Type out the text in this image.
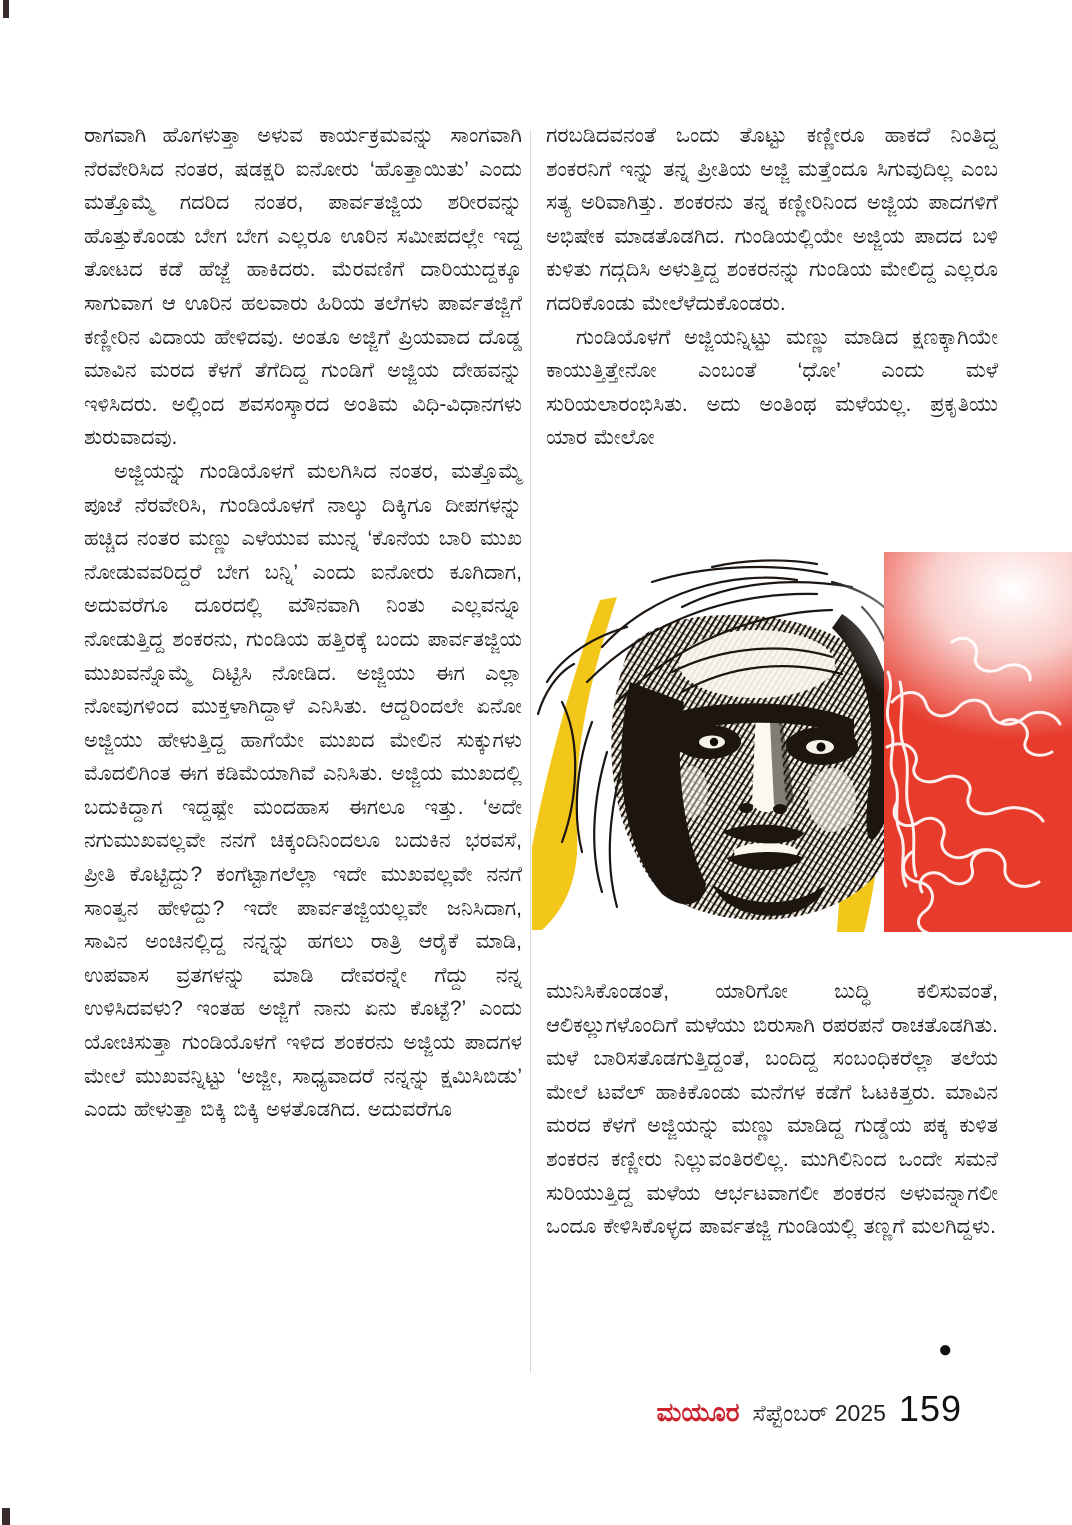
ರಾಗವಾಗಿ ಹೊಗಳುತ್ತಾ ಅಳುವ ಕಾರ್ಯಕ್ರಮವನ್ನು ಸಾಂಗವಾಗಿ ನೆರವೇರಿಸಿದ ನಂತರ, ಷಡಕ್ಷರಿ ಐನೋರು ‘ಹೊತ್ತಾಯಿತು’ ಎಂದು ಮತ್ತೊಮ್ಮೆ ಗದರಿದ ನಂತರ, ಪಾರ್ವತಜ್ಜಿಯ ಶರೀರವನ್ನು ಹೊತ್ತುಕೊಂಡು ಬೇಗ ಬೇಗ ಎಲ್ಲರೂ ಊರಿನ ಸಮೀಪದಲ್ಲೇ ಇದ್ದ ತೋಟದ ಕಡೆ ಹೆಜ್ಜೆ ಹಾಕಿದರು. ಮೆರವಣಿಗೆ ದಾರಿಯುದ್ದಕ್ಕೂ ಸಾಗುವಾಗ ಆ ಊರಿನ ಹಲವಾರು ಹಿರಿಯ ತಲೆಗಳು ಪಾರ್ವತಜ್ಜಿಗೆ ಕಣ್ಣೀರಿನ ವಿದಾಯ ಹೇಳಿದವು. ಅಂತೂ ಅಜ್ಜಿಗೆ ಪ್ರಿಯವಾದ ದೊಡ್ಡ ಮಾವಿನ ಮರದ ಕೆಳಗೆ ತೆಗೆದಿದ್ದ ಗುಂಡಿಗೆ ಅಜ್ಜಿಯ ದೇಹವನ್ನು ಇಳಿಸಿದರು. ಅಲ್ಲಿಂದ ಶವಸಂಸ್ಕಾರದ ಅಂತಿಮ ವಿಧಿ-ವಿಧಾನಗಳು ಶುರುವಾದವು.

ಅಜ್ಜಿಯನ್ನು ಗುಂಡಿಯೊಳಗೆ ಮಲಗಿಸಿದ ನಂತರ, ಮತ್ತೊಮ್ಮೆ ಪೂಜೆ ನೆರವೇರಿಸಿ, ಗುಂಡಿಯೊಳಗೆ ನಾಲ್ಕು ದಿಕ್ಕಿಗೂ ದೀಪಗಳನ್ನು ಹಚ್ಚಿದ ನಂತರ ಮಣ್ಣು ಎಳೆಯುವ ಮುನ್ನ ‘ಕೊನೆಯ ಬಾರಿ ಮುಖ ನೋಡುವವರಿದ್ದರೆ ಬೇಗ ಬನ್ನಿ’ ಎಂದು ಐನೋರು ಕೂಗಿದಾಗ, ಅದುವರೆಗೂ ದೂರದಲ್ಲಿ ಮೌನವಾಗಿ ನಿಂತು ಎಲ್ಲವನ್ನೂ ನೋಡುತ್ತಿದ್ದ ಶಂಕರನು, ಗುಂಡಿಯ ಹತ್ತಿರಕ್ಕೆ ಬಂದು ಪಾರ್ವತಜ್ಜಿಯ ಮುಖವನ್ನೊಮ್ಮೆ ದಿಟ್ಟಿಸಿ ನೋಡಿದ. ಅಜ್ಜಿಯು ಈಗ ಎಲ್ಲಾ ನೋವುಗಳಿಂದ ಮುಕ್ತಳಾಗಿದ್ದಾಳೆ ಎನಿಸಿತು. ಆದ್ದರಿಂದಲೇ ಏನೋ ಅಜ್ಜಿಯು ಹೇಳುತ್ತಿದ್ದ ಹಾಗೆಯೇ ಮುಖದ ಮೇಲಿನ ಸುಕ್ಕುಗಳು ಮೊದಲಿಗಿಂತ ಈಗ ಕಡಿಮೆಯಾಗಿವೆ ಎನಿಸಿತು. ಅಜ್ಜಿಯ ಮುಖದಲ್ಲಿ ಬದುಕಿದ್ದಾಗ ಇದ್ದಷ್ಟೇ ಮಂದಹಾಸ ಈಗಲೂ ಇತ್ತು. ‘ಅದೇ ನಗುಮುಖವಲ್ಲವೇ ನನಗೆ ಚಿಕ್ಕಂದಿನಿಂದಲೂ ಬದುಕಿನ ಭರವಸೆ, ಪ್ರೀತಿ ಕೊಟ್ಟಿದ್ದು? ಕಂಗೆಟ್ಟಾಗಲೆಲ್ಲಾ ಇದೇ ಮುಖವಲ್ಲವೇ ನನಗೆ ಸಾಂತ್ವನ ಹೇಳಿದ್ದು? ಇದೇ ಪಾರ್ವತಜ್ಜಿಯಲ್ಲವೇ ಜನಿಸಿದಾಗ, ಸಾವಿನ ಅಂಚಿನಲ್ಲಿದ್ದ ನನ್ನನ್ನು ಹಗಲು ರಾತ್ರಿ ಆರೈಕೆ ಮಾಡಿ, ಉಪವಾಸ ವ್ರತಗಳನ್ನು ಮಾಡಿ ದೇವರನ್ನೇ ಗೆದ್ದು ನನ್ನ ಉಳಿಸಿದವಳು? ಇಂತಹ ಅಜ್ಜಿಗೆ ನಾನು ಏನು ಕೊಟ್ಟೆ?’ ಎಂದು ಯೋಚಿಸುತ್ತಾ ಗುಂಡಿಯೊಳಗೆ ಇಳಿದ ಶಂಕರನು ಅಜ್ಜಿಯ ಪಾದಗಳ ಮೇಲೆ ಮುಖವನ್ನಿಟ್ಟು ‘ಅಜ್ಜೀ, ಸಾಧ್ಯವಾದರೆ ನನ್ನನ್ನು ಕ್ಷಮಿಸಿಬಿಡು’ ಎಂದು ಹೇಳುತ್ತಾ ಬಿಕ್ಕಿ ಬಿಕ್ಕಿ ಅಳತೊಡಗಿದ. ಅದುವರೆಗೂ

ಗರಬಡಿದವನಂತೆ ಒಂದು ತೊಟ್ಟು ಕಣ್ಣೀರೂ ಹಾಕದೆ ನಿಂತಿದ್ದ ಶಂಕರನಿಗೆ ಇನ್ನು ತನ್ನ ಪ್ರೀತಿಯ ಅಜ್ಜಿ ಮತ್ತೆಂದೂ ಸಿಗುವುದಿಲ್ಲ ಎಂಬ ಸತ್ಯ ಅರಿವಾಗಿತ್ತು. ಶಂಕರನು ತನ್ನ ಕಣ್ಣೀರಿನಿಂದ ಅಜ್ಜಿಯ ಪಾದಗಳಿಗೆ ಅಭಿಷೇಕ ಮಾಡತೊಡಗಿದ. ಗುಂಡಿಯಲ್ಲಿಯೇ ಅಜ್ಜಿಯ ಪಾದದ ಬಳಿ ಕುಳಿತು ಗದ್ಗದಿಸಿ ಅಳುತ್ತಿದ್ದ ಶಂಕರನನ್ನು ಗುಂಡಿಯ ಮೇಲಿದ್ದ ಎಲ್ಲರೂ ಗದರಿಕೊಂಡು ಮೇಲೆಳೆದುಕೊಂಡರು.

ಗುಂಡಿಯೊಳಗೆ ಅಜ್ಜಿಯನ್ನಿಟ್ಟು ಮಣ್ಣು ಮಾಡಿದ ಕ್ಷಣಕ್ಕಾಗಿಯೇ ಕಾಯುತ್ತಿತ್ತೇನೋ ಎಂಬಂತೆ ‘ಧೋ’ ಎಂದು ಮಳೆ ಸುರಿಯಲಾರಂಭಿಸಿತು. ಅದು ಅಂತಿಂಥ ಮಳೆಯಲ್ಲ. ಪ್ರಕೃತಿಯು ಯಾರ ಮೇಲೋ

ಮುನಿಸಿಕೊಂಡಂತೆ, ಯಾರಿಗೋ ಬುದ್ಧಿ ಕಲಿಸುವಂತೆ, ಆಲಿಕಲ್ಲುಗಳೊಂದಿಗೆ ಮಳೆಯು ಬಿರುಸಾಗಿ ರಪರಪನೆ ರಾಚತೊಡಗಿತು. ಮಳೆ ಬಾರಿಸತೊಡಗುತ್ತಿದ್ದಂತೆ, ಬಂದಿದ್ದ ಸಂಬಂಧಿಕರೆಲ್ಲಾ ತಲೆಯ ಮೇಲೆ ಟವೆಲ್ ಹಾಕಿಕೊಂಡು ಮನೆಗಳ ಕಡೆಗೆ ಓಟಕಿತ್ತರು. ಮಾವಿನ ಮರದ ಕೆಳಗೆ ಅಜ್ಜಿಯನ್ನು ಮಣ್ಣು ಮಾಡಿದ್ದ ಗುಡ್ಡೆಯ ಪಕ್ಕ ಕುಳಿತ ಶಂಕರನ ಕಣ್ಣೀರು ನಿಲ್ಲುವಂತಿರಲಿಲ್ಲ. ಮುಗಿಲಿನಿಂದ ಒಂದೇ ಸಮನೆ ಸುರಿಯುತ್ತಿದ್ದ ಮಳೆಯ ಆರ್ಭಟವಾಗಲೀ ಶಂಕರನ ಅಳುವನ್ನಾಗಲೀ ಒಂದೂ ಕೇಳಿಸಿಕೊಳ್ಳದ ಪಾರ್ವತಜ್ಜಿ ಗುಂಡಿಯಲ್ಲಿ ತಣ್ಣಗೆ ಮಲಗಿದ್ದಳು.

●
ಮಯೂರ ಸೆಪ್ಟೆಂಬರ್ 2025 159
